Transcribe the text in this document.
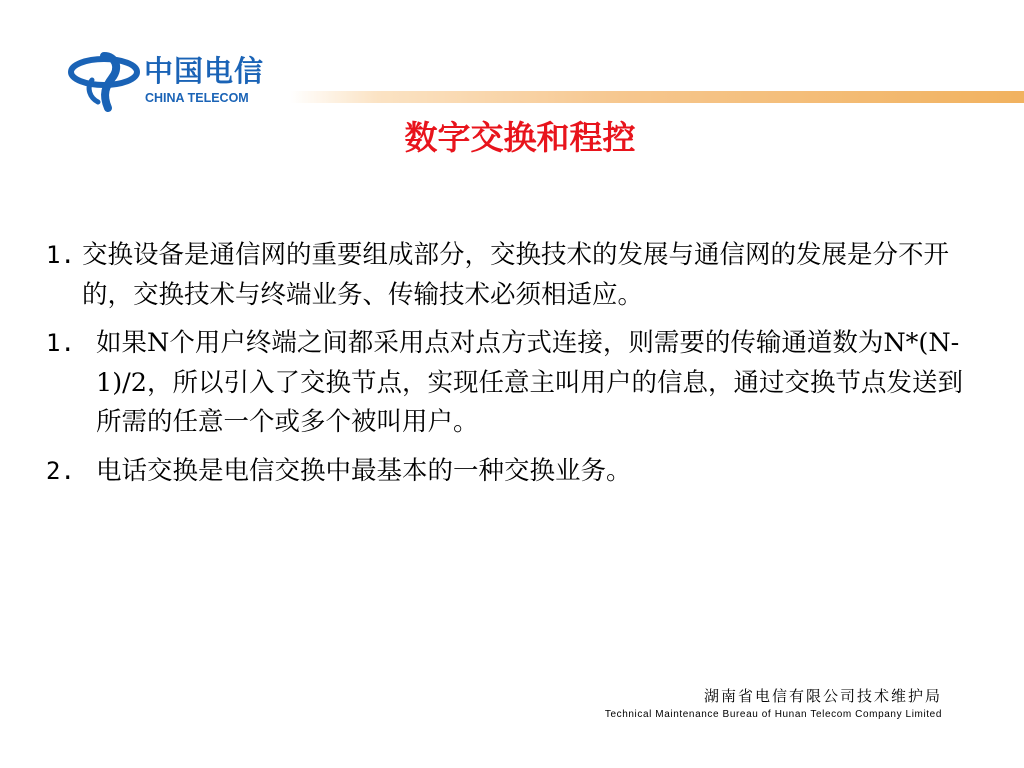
中国电信
CHINA TELECOM
数字交换和程控
1. 交换设备是通信网的重要组成部分，交换技术的发展与通信网的发展是分不开的，交换技术与终端业务、传输技术必须相适应。
1. 如果N个用户终端之间都采用点对点方式连接，则需要的传输通道数为N*(N-1)/2，所以引入了交换节点，实现任意主叫用户的信息，通过交换节点发送到所需的任意一个或多个被叫用户。
2. 电话交换是电信交换中最基本的一种交换业务。
湖南省电信有限公司技术维护局
Technical Maintenance Bureau of Hunan Telecom Company Limited
